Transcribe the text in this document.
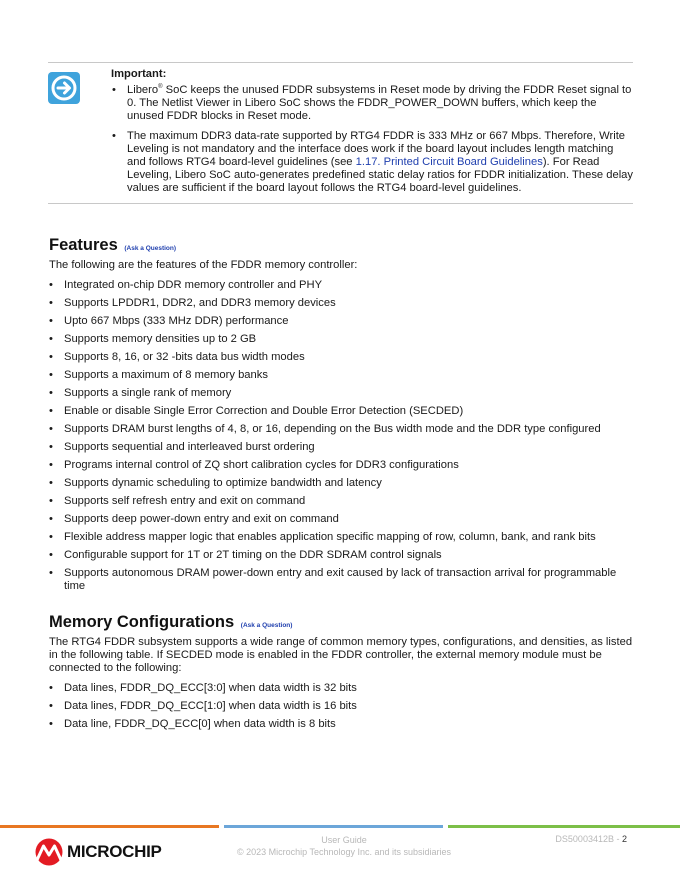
Important:
• Libero® SoC keeps the unused FDDR subsystems in Reset mode by driving the FDDR Reset signal to 0. The Netlist Viewer in Libero SoC shows the FDDR_POWER_DOWN buffers, which keep the unused FDDR blocks in Reset mode.
• The maximum DDR3 data-rate supported by RTG4 FDDR is 333 MHz or 667 Mbps. Therefore, Write Leveling is not mandatory and the interface does work if the board layout includes length matching and follows RTG4 board-level guidelines (see 1.17. Printed Circuit Board Guidelines). For Read Leveling, Libero SoC auto-generates predefined static delay ratios for FDDR initialization. These delay values are sufficient if the board layout follows the RTG4 board-level guidelines.
Features (Ask a Question)

The following are the features of the FDDR memory controller:

• Integrated on-chip DDR memory controller and PHY
• Supports LPDDR1, DDR2, and DDR3 memory devices
• Upto 667 Mbps (333 MHz DDR) performance
• Supports memory densities up to 2 GB
• Supports 8, 16, or 32 -bits data bus width modes
• Supports a maximum of 8 memory banks
• Supports a single rank of memory
• Enable or disable Single Error Correction and Double Error Detection (SECDED)
• Supports DRAM burst lengths of 4, 8, or 16, depending on the Bus width mode and the DDR type configured
• Supports sequential and interleaved burst ordering
• Programs internal control of ZQ short calibration cycles for DDR3 configurations
• Supports dynamic scheduling to optimize bandwidth and latency
• Supports self refresh entry and exit on command
• Supports deep power-down entry and exit on command
• Flexible address mapper logic that enables application specific mapping of row, column, bank, and rank bits
• Configurable support for 1T or 2T timing on the DDR SDRAM control signals
• Supports autonomous DRAM power-down entry and exit caused by lack of transaction arrival for programmable time
Memory Configurations (Ask a Question)

The RTG4 FDDR subsystem supports a wide range of common memory types, configurations, and densities, as listed in the following table. If SECDED mode is enabled in the FDDR controller, the external memory module must be connected to the following:

• Data lines, FDDR_DQ_ECC[3:0] when data width is 32 bits
• Data lines, FDDR_DQ_ECC[1:0] when data width is 16 bits
• Data line, FDDR_DQ_ECC[0] when data width is 8 bits
MICROCHIP
User Guide
© 2023 Microchip Technology Inc. and its subsidiaries
DS50003412B - 2
